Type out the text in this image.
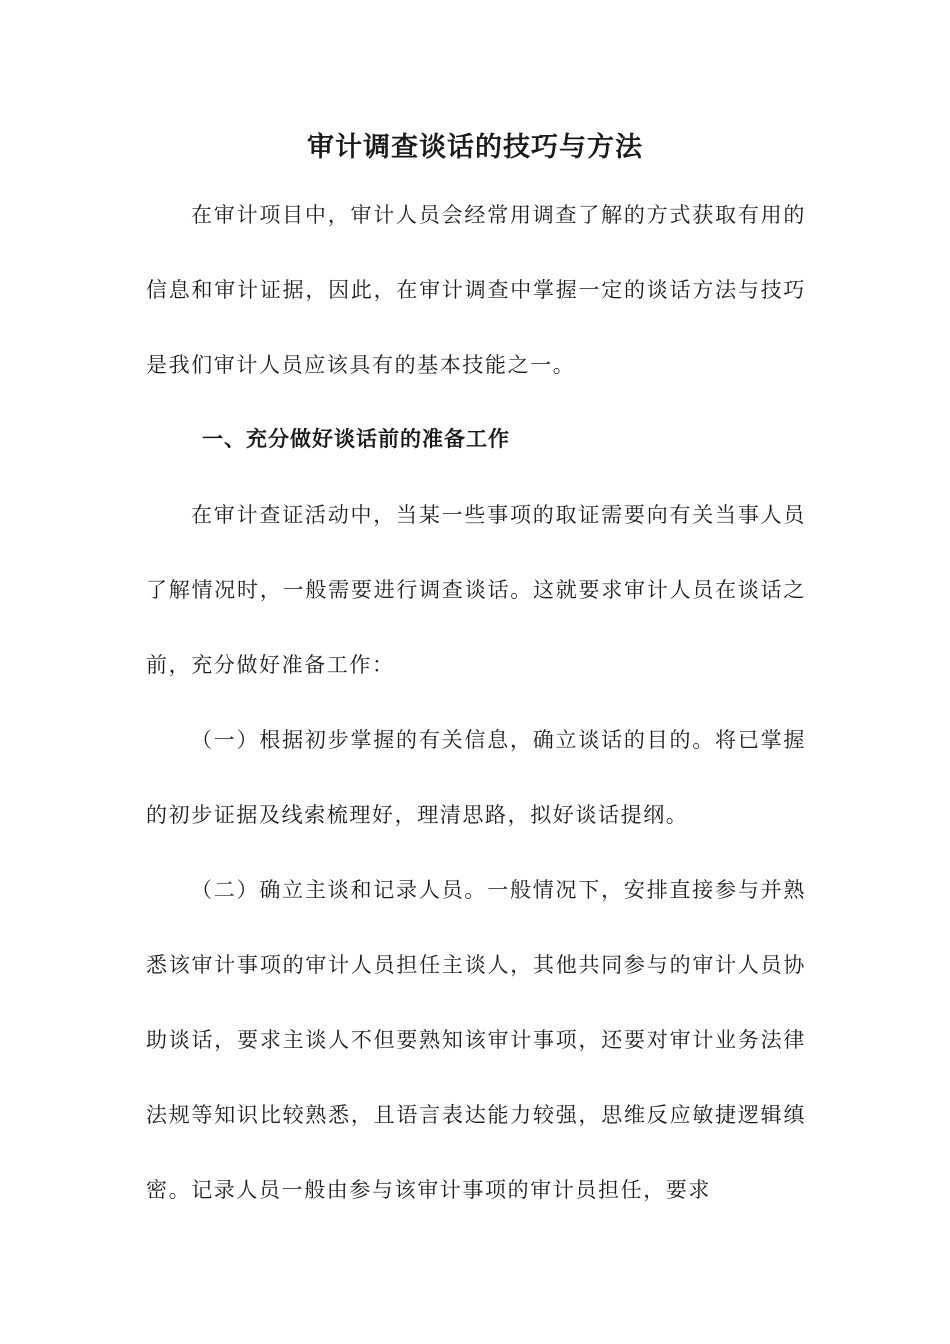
审计调查谈话的技巧与方法
在审计项目中，审计人员会经常用调查了解的方式获取有用的信息和审计证据，因此，在审计调查中掌握一定的谈话方法与技巧是我们审计人员应该具有的基本技能之一。
一、充分做好谈话前的准备工作
在审计查证活动中，当某一些事项的取证需要向有关当事人员了解情况时，一般需要进行调查谈话。这就要求审计人员在谈话之前，充分做好准备工作：
（一）根据初步掌握的有关信息，确立谈话的目的。将已掌握的初步证据及线索梳理好，理清思路，拟好谈话提纲。
（二）确立主谈和记录人员。一般情况下，安排直接参与并熟悉该审计事项的审计人员担任主谈人，其他共同参与的审计人员协助谈话，要求主谈人不但要熟知该审计事项，还要对审计业务法律法规等知识比较熟悉，且语言表达能力较强，思维反应敏捷逻辑缜密。记录人员一般由参与该审计事项的审计员担任，要求
